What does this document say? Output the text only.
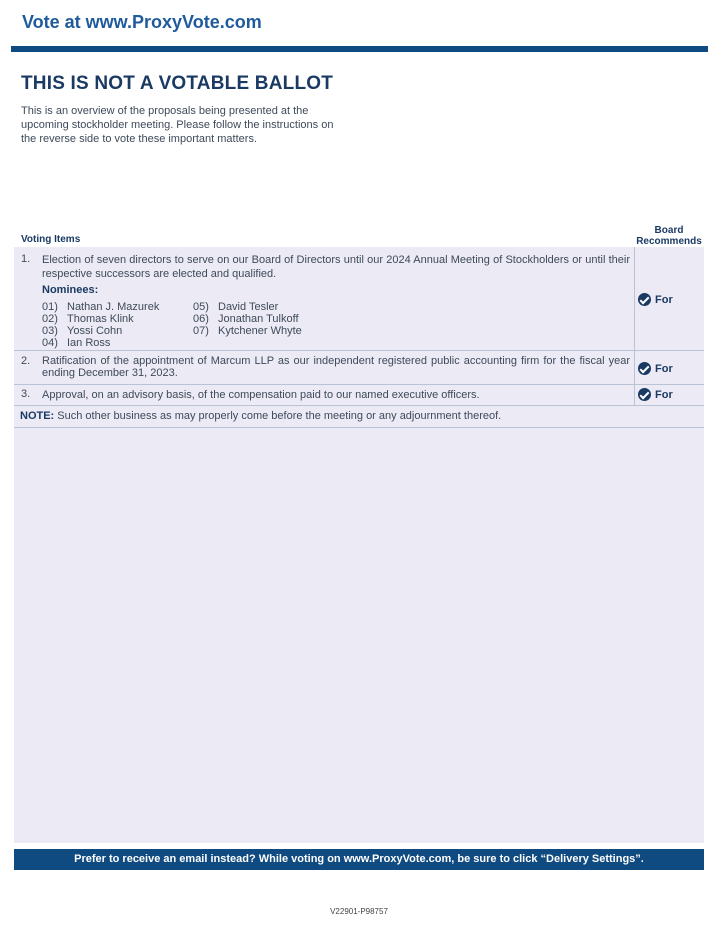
Vote at www.ProxyVote.com
THIS IS NOT A VOTABLE BALLOT
This is an overview of the proposals being presented at the
upcoming stockholder meeting. Please follow the instructions on
the reverse side to vote these important matters.
Voting Items
Board
Recommends
1. Election of seven directors to serve on our Board of Directors until our 2024 Annual Meeting of Stockholders or until their respective successors are elected and qualified.
Nominees:
01) Nathan J. Mazurek
02) Thomas Klink
03) Yossi Cohn
04) Ian Ross
05) David Tesler
06) Jonathan Tulkoff
07) Kytchener Whyte
For
2. Ratification of the appointment of Marcum LLP as our independent registered public accounting firm for the fiscal year ending December 31, 2023.	For
3. Approval, on an advisory basis, of the compensation paid to our named executive officers.	For
NOTE: Such other business as may properly come before the meeting or any adjournment thereof.
Prefer to receive an email instead? While voting on www.ProxyVote.com, be sure to click “Delivery Settings”.
V22901-P98757
